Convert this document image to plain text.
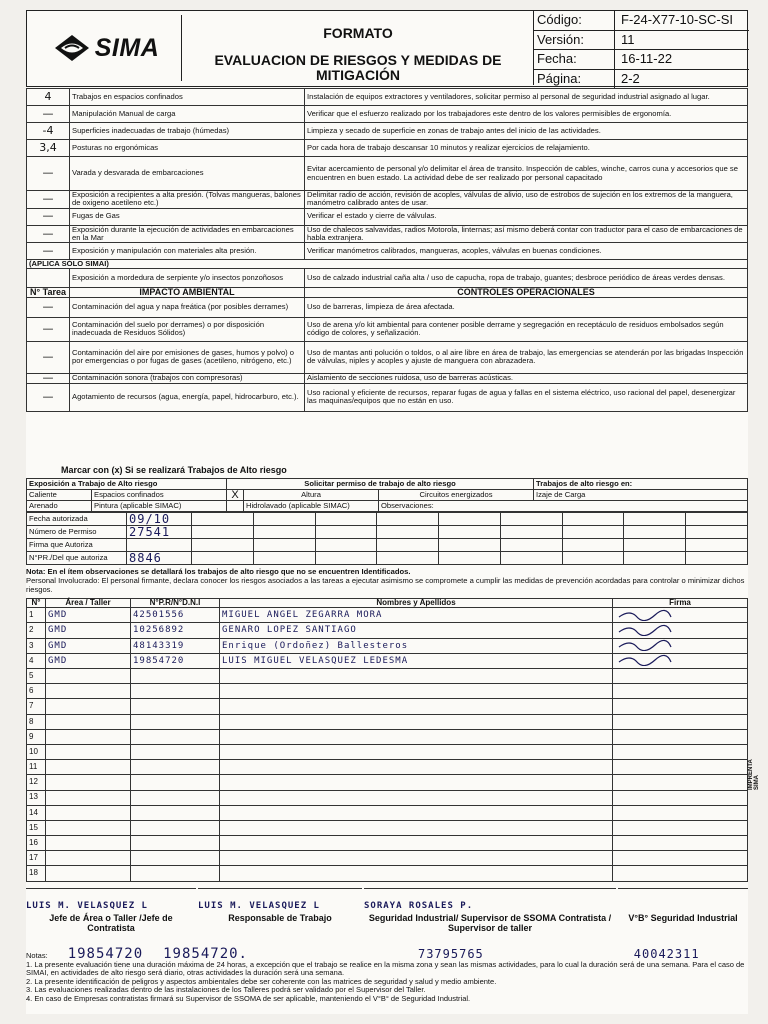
SIMA
FORMATO
EVALUACION DE RIESGOS Y MEDIDAS DE MITIGACIÓN
Código:	F-24-X77-10-SC-SI
Versión:	11
Fecha:	16-11-22
Página:	2-2
4	Trabajos en espacios confinados	Instalación de equipos extractores y ventiladores, solicitar permiso al personal de seguridad industrial asignado al lugar.
—	Manipulación Manual de carga	Verificar que el esfuerzo realizado por los trabajadores este dentro de los valores permisibles de ergonomía.
-4	Superficies inadecuadas de trabajo (húmedas)	Limpieza y secado de superficie en zonas de trabajo antes del inicio de las actividades.
3,4	Posturas no ergonómicas	Por cada hora de trabajo descansar 10 minutos y realizar ejercicios de relajamiento.
—	Varada y desvarada de embarcaciones	Evitar acercamiento de personal y/o delimitar el área de transito. Inspección de cables, winche, carros cuna y accesorios que se encuentren en buen estado. La actividad debe de ser realizado por personal capacitado
—	Exposición a recipientes a alta presión. (Tolvas mangueras, balones de oxigeno acetileno etc.)	Delimitar radio de acción, revisión de acoples, válvulas de alivio, uso de estrobos de sujeción en los extremos de la manguera, manómetro calibrado antes de usar.
—	Fugas de Gas	Verificar el estado y cierre de válvulas.
—	Exposición durante la ejecución de actividades en embarcaciones en la Mar	Uso de chalecos salvavidas, radios Motorola, linternas; así mismo deberá contar con traductor para el caso de embarcaciones de habla extranjera.
—	Exposición y manipulación con materiales alta presión.	Verificar manómetros calibrados, mangueras, acoples, válvulas en buenas condiciones.
(APLICA SÓLO SIMAI)		
	Exposición a mordedura de serpiente y/o insectos ponzoñosos	Uso de calzado industrial caña alta / uso de capucha, ropa de trabajo, guantes; desbroce periódico de áreas verdes densas.
N° Tarea	IMPACTO AMBIENTAL	CONTROLES OPERACIONALES
—	Contaminación del agua y napa freática (por posibles derrames)	Uso de barreras, limpieza de área afectada.
—	Contaminación del suelo por derrames) o por disposición inadecuada de Residuos Sólidos)	Uso de arena y/o kit ambiental para contener posible derrame y segregación en receptáculo de residuos embolsados según código de colores, y señalización.
—	Contaminación del aire por emisiones de gases, humos y polvo) o por emergencias o por fugas de gases (acetileno, nitrógeno, etc.)	Uso de mantas anti polución o toldos, o al aire libre en área de trabajo, las emergencias se atenderán por las brigadas Inspección de válvulas, niples y acoples y ajuste de manguera con abrazadera.
—	Contaminación sonora (trabajos con compresoras)	Aislamiento de secciones ruidosa, uso de barreras acústicas.
—	Agotamiento de recursos (agua, energía, papel, hidrocarburo, etc.).	Uso racional y eficiente de recursos, reparar fugas de agua y fallas en el sistema eléctrico, uso racional del papel, desenergizar las maquinas/equipos que no están en uso.
Marcar con (x) Si se realizará Trabajos de Alto riesgo
Exposición a Trabajo de Alto riesgo		Solicitar permiso de trabajo de alto riesgo			Trabajos de alto riesgo en:
Caliente	Espacios confinados	X	Altura	Circuitos energizados	Izaje de Carga
Arenado	Pintura (aplicable SIMAC)		Hidrolavado (aplicable SIMAC)	Observaciones:	
Fecha autorizada	09/10									
Número de Permiso	27541									
Firma que Autoriza										
N°PR./Del que autoriza	8846									
Nota: En el ítem observaciones se detallará los trabajos de alto riesgo que no se encuentren Identificados.
Personal Involucrado: El personal firmante, declara conocer los riesgos asociados a las tareas a ejecutar asimismo se compromete a cumplir las medidas de prevención acordadas para controlar o minimizar dichos riesgos.
N°	Área / Taller	N°P.R/N°D.N.I	Nombres y Apellidos	Firma
1	GMD	42501556	MIGUEL ANGEL ZEGARRA MORA	
2	GMD	10256892	GENARO LOPEZ SANTIAGO	
3	GMD	48143319	Enrique (Ordoñez) Ballesteros	
4	GMD	19854720	LUIS MIGUEL VELASQUEZ LEDESMA	
5				
6				
7				
8				
9				
10				
11				
12				
13				
14				
15				
16				
17				
18				
LUIS M. VELASQUEZ L
Jefe de Área o Taller /Jefe de Contratista
LUIS M. VELASQUEZ L
Responsable de Trabajo
SORAYA ROSALES P.
Seguridad Industrial/ Supervisor de SSOMA Contratista / Supervisor de taller
V°B° Seguridad Industrial
Notas: 19854720 19854720.	73795765	40042311
1. La presente evaluación tiene una duración máxima de 24 horas, a excepción que el trabajo se realice en la misma zona y sean las mismas actividades, para lo cual la duración será de una semana. Para el caso de SIMAI, en actividades de alto riesgo será diario, otras actividades la duración será una semana.
2. La presente identificación de peligros y aspectos ambientales debe ser coherente con las matrices de seguridad y salud y medio ambiente.
3. Las evaluaciones realizadas dentro de las instalaciones de los Talleres podrá ser validado por el Supervisor del Taller.
4. En caso de Empresas contratistas firmará su Supervisor de SSOMA de ser aplicable, manteniendo el V°B° de Seguridad Industrial.
IMPRENTA SIMA
